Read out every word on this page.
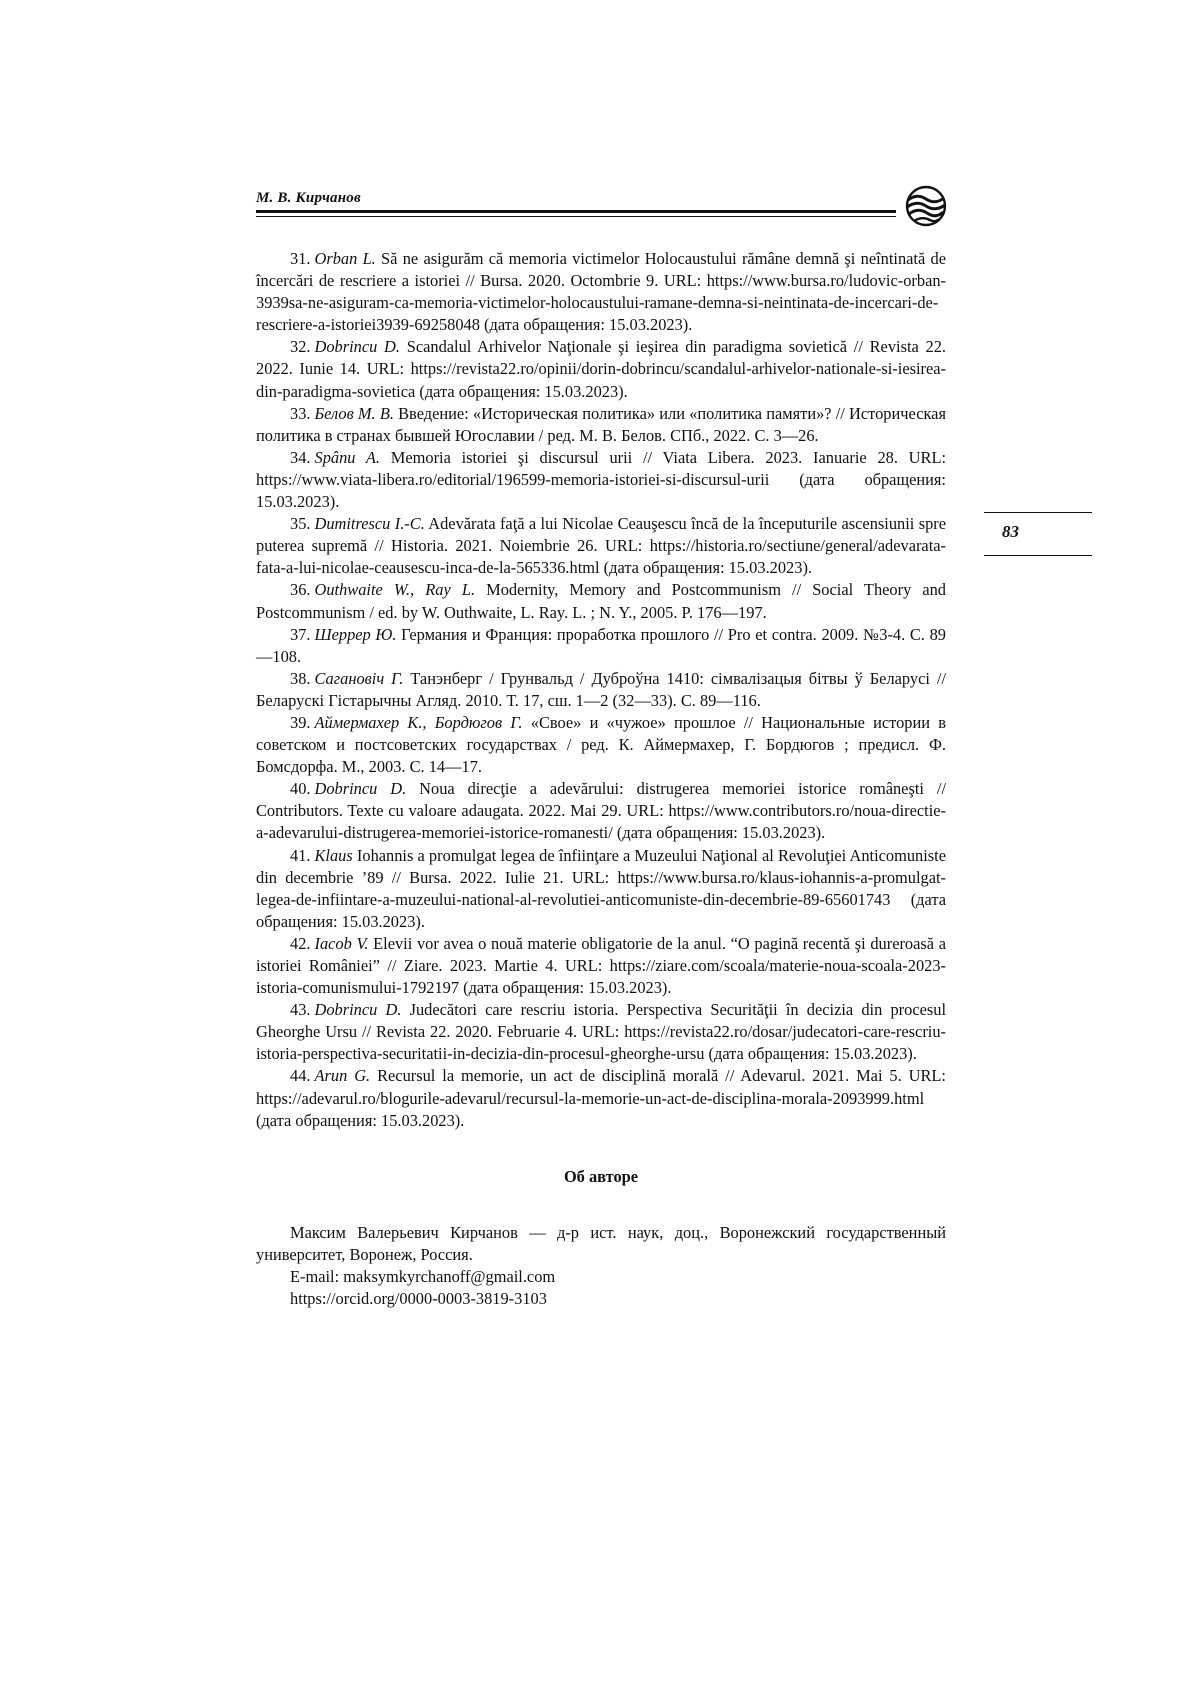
М. В. Кирчанов
83

31. Orban L. Să ne asigurăm că memoria victimelor Holocaustului rămâne demnă şi neîntinată de încercări de rescriere a istoriei // Bursa. 2020. Octombrie 9. URL: https://www.bursa.ro/ludovic-orban-3939sa-ne-asiguram-ca-memoria-victimelor-holocaustului-ramane-demna-si-neintinata-de-incercari-de-rescriere-a-istoriei3939-69258048 (дата обращения: 15.03.2023).

32. Dobrincu D. Scandalul Arhivelor Naţionale şi ieşirea din paradigma sovietică // Revista 22. 2022. Iunie 14. URL: https://revista22.ro/opinii/dorin-dobrincu/scandalul-arhivelor-nationale-si-iesirea-din-paradigma-sovietica (дата обращения: 15.03.2023).

33. Белов М. В. Введение: «Историческая политика» или «политика памяти»? // Историческая политика в странах бывшей Югославии / ред. М. В. Белов. СПб., 2022. С. 3—26.

34. Spânu A. Memoria istoriei şi discursul urii // Viata Libera. 2023. Ianuarie 28. URL: https://www.viata-libera.ro/editorial/196599-memoria-istoriei-si-discursul-urii (дата обращения: 15.03.2023).

35. Dumitrescu I.-C. Adevărata faţă a lui Nicolae Ceauşescu încă de la începuturile ascensiunii spre puterea supremă // Historia. 2021. Noiembrie 26. URL: https://historia.ro/sectiune/general/adevarata-fata-a-lui-nicolae-ceausescu-inca-de-la-565336.html (дата обращения: 15.03.2023).

36. Outhwaite W., Ray L. Modernity, Memory and Postcommunism // Social Theory and Postcommunism / ed. by W. Outhwaite, L. Ray. L. ; N. Y., 2005. P. 176—197.

37. Шеррер Ю. Германия и Франция: проработка прошлого // Pro et contra. 2009. №3-4. С. 89—108.

38. Сагановіч Г. Танэнберг / Грунвальд / Дуброўна 1410: сімвалізацыя бітвы ў Беларусі // Беларускі Гістарычны Агляд. 2010. Т. 17, сш. 1—2 (32—33). С. 89—116.

39. Аймермахер К., Бордюгов Г. «Свое» и «чужое» прошлое // Национальные истории в советском и постсоветских государствах / ред. К. Аймермахер, Г. Бордюгов ; предисл. Ф. Бомсдорфа. М., 2003. С. 14—17.

40. Dobrincu D. Noua direcţie a adevărului: distrugerea memoriei istorice româneşti // Contributors. Texte cu valoare adaugata. 2022. Mai 29. URL: https://www.contributors.ro/noua-directie-a-adevarului-distrugerea-memoriei-istorice-romanesti/ (дата обращения: 15.03.2023).

41. Klaus Iohannis a promulgat legea de înfiinţare a Muzeului Naţional al Revoluţiei Anticomuniste din decembrie ’89 // Bursa. 2022. Iulie 21. URL: https://www.bursa.ro/klaus-iohannis-a-promulgat-legea-de-infiintare-a-muzeului-national-al-revolutiei-anticomuniste-din-decembrie-89-65601743 (дата обращения: 15.03.2023).

42. Iacob V. Elevii vor avea o nouă materie obligatorie de la anul. “O pagină recentă şi dureroasă a istoriei României” // Ziare. 2023. Martie 4. URL: https://ziare.com/scoala/materie-noua-scoala-2023-istoria-comunismului-1792197 (дата обращения: 15.03.2023).

43. Dobrincu D. Judecători care rescriu istoria. Perspectiva Securităţii în decizia din procesul Gheorghe Ursu // Revista 22. 2020. Februarie 4. URL: https://revista22.ro/dosar/judecatori-care-rescriu-istoria-perspectiva-securitatii-in-decizia-din-procesul-gheorghe-ursu (дата обращения: 15.03.2023).

44. Arun G. Recursul la memorie, un act de disciplină morală // Adevarul. 2021. Mai 5. URL: https://adevarul.ro/blogurile-adevarul/recursul-la-memorie-un-act-de-disciplina-morala-2093999.html (дата обращения: 15.03.2023).

Об авторе

Максим Валерьевич Кирчанов — д-р ист. наук, доц., Воронежский государственный университет, Воронеж, Россия.

E-mail: maksymkyrchanoff@gmail.com

https://orcid.org/0000-0003-3819-3103
